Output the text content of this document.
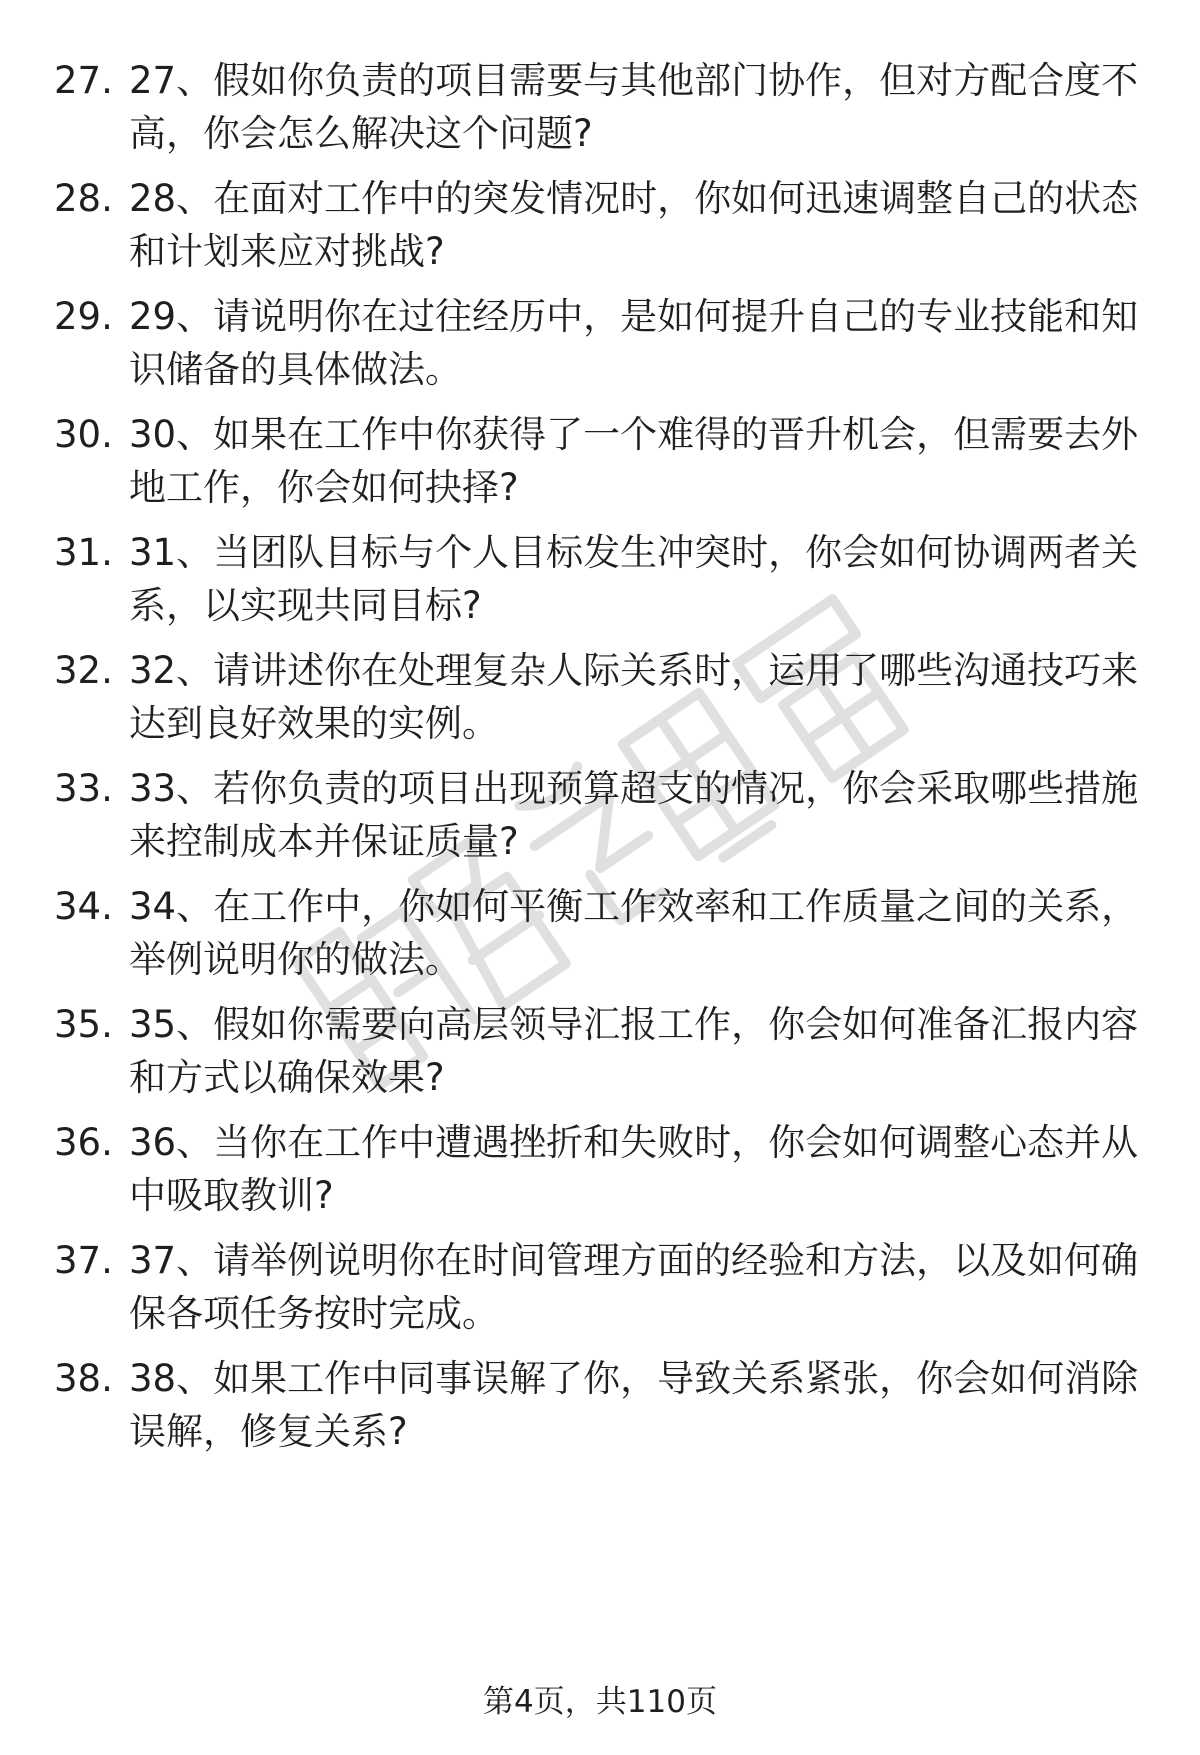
27. 27、假如你负责的项目需要与其他部门协作，但对方配合度不高，你会怎么解决这个问题?
28. 28、在面对工作中的突发情况时，你如何迅速调整自己的状态和计划来应对挑战?
29. 29、请说明你在过往经历中，是如何提升自己的专业技能和知识储备的具体做法。
30. 30、如果在工作中你获得了一个难得的晋升机会，但需要去外地工作，你会如何抉择?
31. 31、当团队目标与个人目标发生冲突时，你会如何协调两者关系，以实现共同目标?
32. 32、请讲述你在处理复杂人际关系时，运用了哪些沟通技巧来达到良好效果的实例。
33. 33、若你负责的项目出现预算超支的情况，你会采取哪些措施来控制成本并保证质量?
34. 34、在工作中，你如何平衡工作效率和工作质量之间的关系，举例说明你的做法。
35. 35、假如你需要向高层领导汇报工作，你会如何准备汇报内容和方式以确保效果?
36. 36、当你在工作中遭遇挫折和失败时，你会如何调整心态并从中吸取教训?
37. 37、请举例说明你在时间管理方面的经验和方法，以及如何确保各项任务按时完成。
38. 38、如果工作中同事误解了你，导致关系紧张，你会如何消除误解，修复关系?
第4页，共110页
